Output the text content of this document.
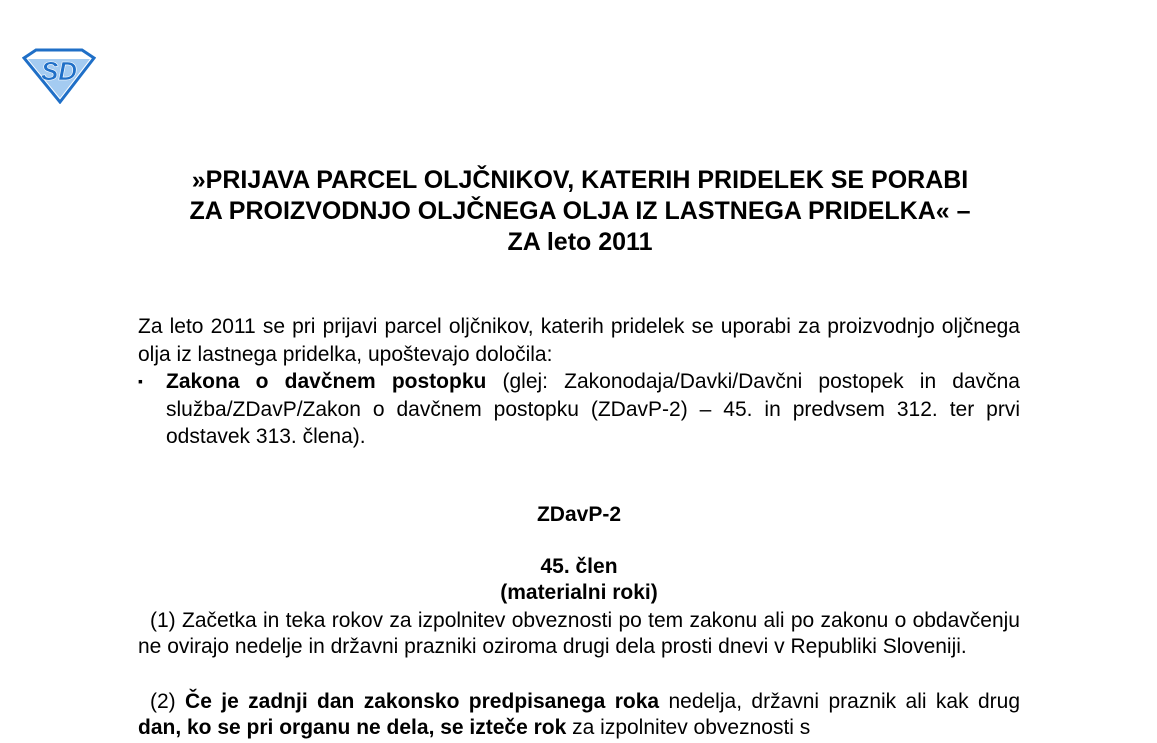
SD
»PRIJAVA PARCEL OLJČNIKOV, KATERIH PRIDELEK SE PORABI
ZA PROIZVODNJO OLJČNEGA OLJA IZ LASTNEGA PRIDELKA« –
ZA leto 2011
Za leto 2011 se pri prijavi parcel oljčnikov, katerih pridelek se uporabi za proizvodnjo oljčnega olja iz lastnega pridelka, upoštevajo določila:
▪	Zakona o davčnem postopku (glej: Zakonodaja/Davki/Davčni postopek in davčna služba/ZDavP/Zakon o davčnem postopku (ZDavP-2) – 45. in predvsem 312. ter prvi odstavek 313. člena).
ZDavP-2
45. člen
(materialni roki)
(1) Začetka in teka rokov za izpolnitev obveznosti po tem zakonu ali po zakonu o obdavčenju ne ovirajo nedelje in državni prazniki oziroma drugi dela prosti dnevi v Republiki Sloveniji.
(2) Če je zadnji dan zakonsko predpisanega roka nedelja, državni praznik ali kak drug dan, ko se pri organu ne dela, se izteče rok za izpolnitev obveznosti s
